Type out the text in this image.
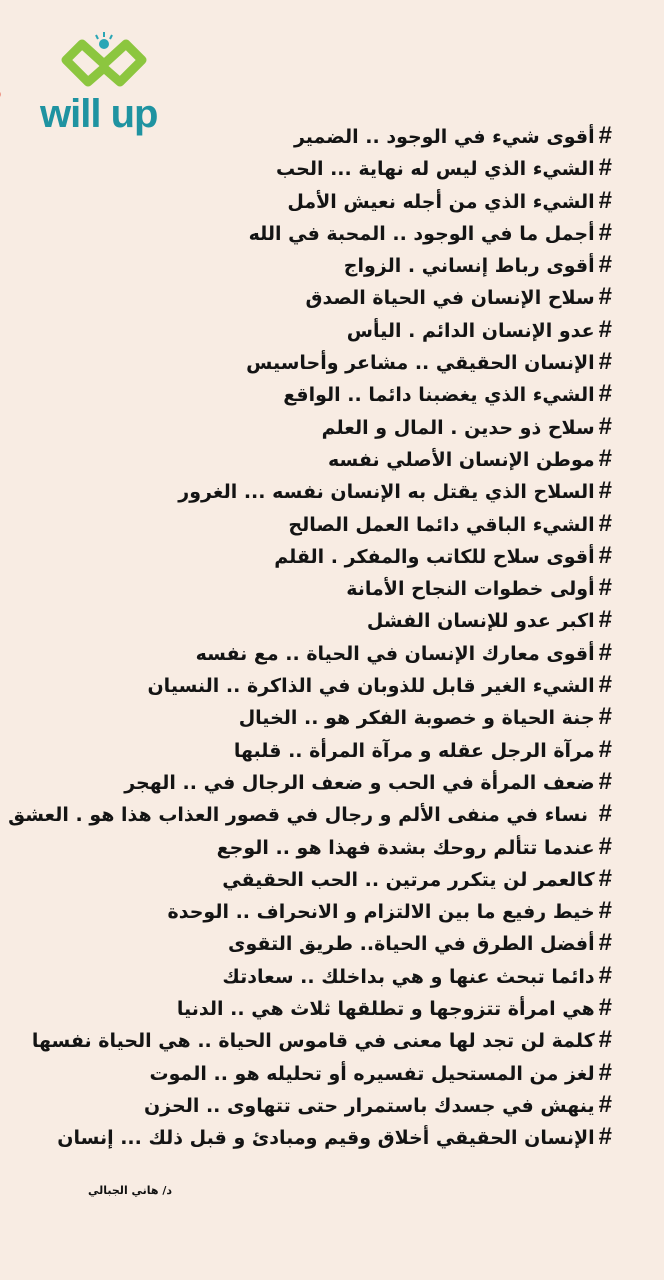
will up	#أقوى شيء في الوجود .. الضمير
#الشيء الذي ليس له نهاية ... الحب
#الشيء الذي من أجله نعيش الأمل
#أجمل ما في الوجود .. المحبة في الله
#أقوى رباط إنساني . الزواج
#سلاح الإنسان في الحياة الصدق
#عدو الإنسان الدائم . اليأس
#الإنسان الحقيقي .. مشاعر وأحاسيس
#الشيء الذي يغضبنا دائما .. الواقع
#سلاح ذو حدين . المال و العلم
#موطن الإنسان الأصلي نفسه
#السلاح الذي يقتل به الإنسان نفسه ... الغرور
#الشيء الباقي دائما العمل الصالح
#أقوى سلاح للكاتب والمفكر . القلم
#أولى خطوات النجاح الأمانة
#اكبر عدو للإنسان الفشل
#أقوى معارك الإنسان في الحياة .. مع نفسه
#الشيء الغير قابل للذوبان في الذاكرة .. النسيان
#جنة الحياة و خصوبة الفكر هو .. الخيال
#مرآة الرجل عقله و مرآة المرأة .. قلبها
#ضعف المرأة في الحب و ضعف الرجال في .. الهجر
# نساء في منفى الألم و رجال في قصور العذاب هذا هو . العشق
#عندما تتألم روحك بشدة فهذا هو .. الوجع
#كالعمر لن يتكرر مرتين .. الحب الحقيقي
#خيط رفيع ما بين الالتزام و الانحراف .. الوحدة
#أفضل الطرق في الحياة.. طريق التقوى
#دائما تبحث عنها و هي بداخلك .. سعادتك
#هي امرأة تتزوجها و تطلقها ثلاث هي .. الدنيا
#كلمة لن تجد لها معنى في قاموس الحياة .. هي الحياة نفسها
#لغز من المستحيل تفسيره أو تحليله هو .. الموت
#ينهش في جسدك باستمرار حتى تتهاوى .. الحزن
#الإنسان الحقيقي أخلاق وقيم ومبادئ و قبل ذلك ... إنسان
د/ هاني الجبالي
